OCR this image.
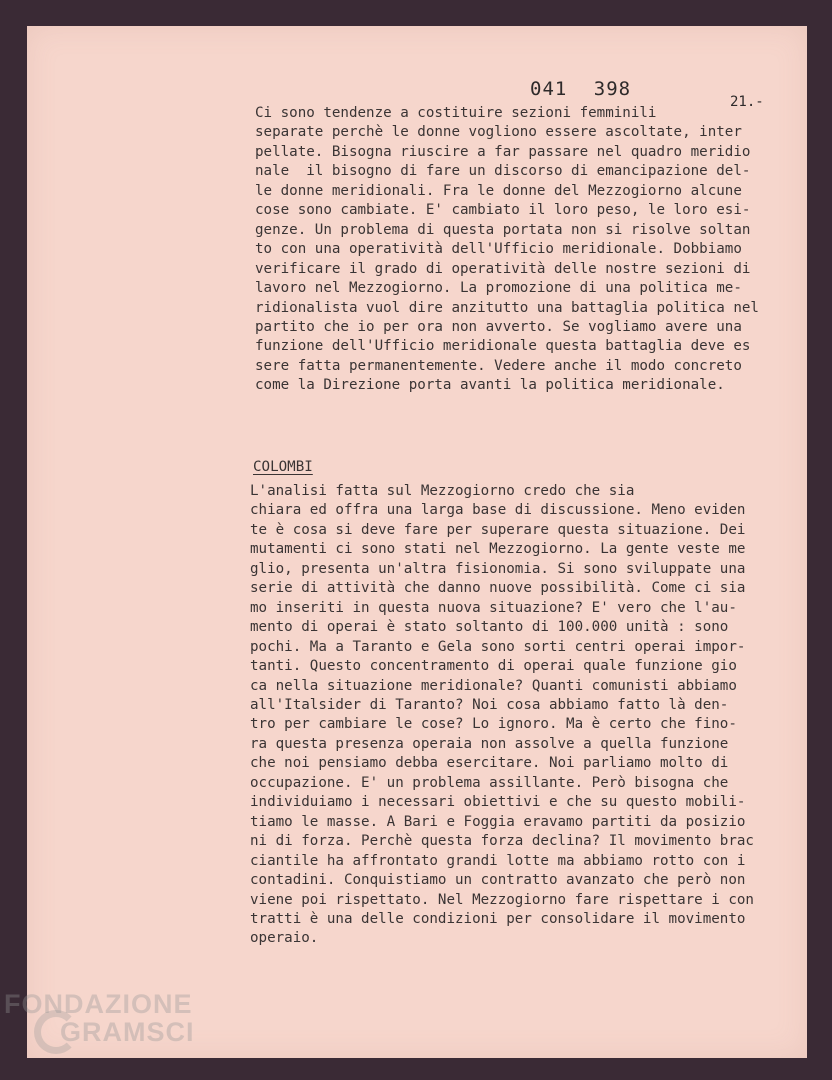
041 398
21.-

Ci sono tendenze a costituire sezioni femminili
separate perchè le donne vogliono essere ascoltate, inter
pellate. Bisogna riuscire a far passare nel quadro meridio
nale  il bisogno di fare un discorso di emancipazione del-
le donne meridionali. Fra le donne del Mezzogiorno alcune
cose sono cambiate. E' cambiato il loro peso, le loro esi-
genze. Un problema di questa portata non si risolve soltan
to con una operatività dell'Ufficio meridionale. Dobbiamo
verificare il grado di operatività delle nostre sezioni di
lavoro nel Mezzogiorno. La promozione di una politica me-
ridionalista vuol dire anzitutto una battaglia politica nel
partito che io per ora non avverto. Se vogliamo avere una
funzione dell'Ufficio meridionale questa battaglia deve es
sere fatta permanentemente. Vedere anche il modo concreto
come la Direzione porta avanti la politica meridionale.

COLOMBI

L'analisi fatta sul Mezzogiorno credo che sia
chiara ed offra una larga base di discussione. Meno eviden
te è cosa si deve fare per superare questa situazione. Dei
mutamenti ci sono stati nel Mezzogiorno. La gente veste me
glio, presenta un'altra fisionomia. Si sono sviluppate una
serie di attività che danno nuove possibilità. Come ci sia
mo inseriti in questa nuova situazione? E' vero che l'au-
mento di operai è stato soltanto di 100.000 unità : sono
pochi. Ma a Taranto e Gela sono sorti centri operai impor-
tanti. Questo concentramento di operai quale funzione gio
ca nella situazione meridionale? Quanti comunisti abbiamo
all'Italsider di Taranto? Noi cosa abbiamo fatto là den-
tro per cambiare le cose? Lo ignoro. Ma è certo che fino-
ra questa presenza operaia non assolve a quella funzione
che noi pensiamo debba esercitare. Noi parliamo molto di
occupazione. E' un problema assillante. Però bisogna che
individuiamo i necessari obiettivi e che su questo mobili-
tiamo le masse. A Bari e Foggia eravamo partiti da posizio
ni di forza. Perchè questa forza declina? Il movimento brac
ciantile ha affrontato grandi lotte ma abbiamo rotto con i
contadini. Conquistiamo un contratto avanzato che però non
viene poi rispettato. Nel Mezzogiorno fare rispettare i con
tratti è una delle condizioni per consolidare il movimento
operaio.

FONDAZIONE
GRAMSCI
